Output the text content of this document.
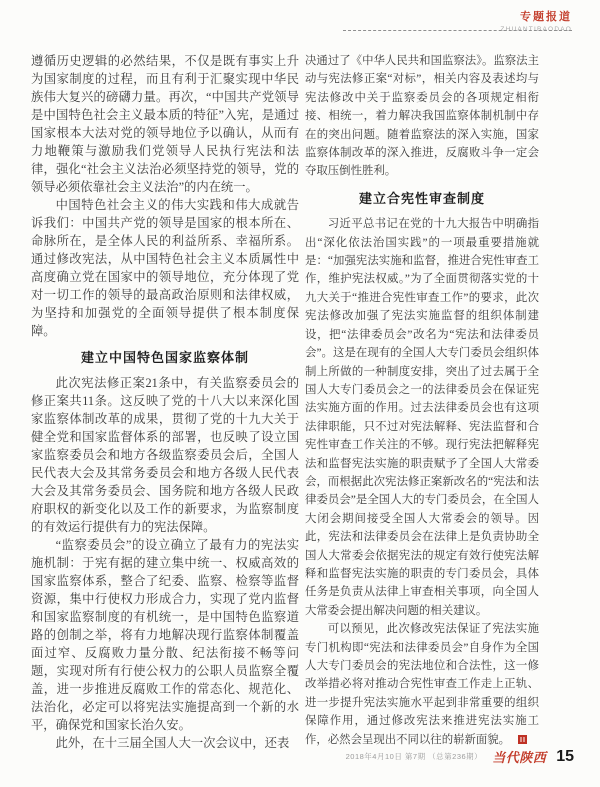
专题报道
ZHUANTIBAODAO

遵循历史逻辑的必然结果，不仅是既有事实上升为国家制度的过程，而且有利于汇聚实现中华民族伟大复兴的磅礴力量。再次，“中国共产党领导是中国特色社会主义最本质的特征”入宪，是通过国家根本大法对党的领导地位予以确认，从而有力地鞭策与激励我们党领导人民执行宪法和法律，强化“社会主义法治必须坚持党的领导，党的领导必须依靠社会主义法治”的内在统一。

中国特色社会主义的伟大实践和伟大成就告诉我们：中国共产党的领导是国家的根本所在、命脉所在，是全体人民的利益所系、幸福所系。通过修改宪法，从中国特色社会主义本质属性中高度确立党在国家中的领导地位，充分体现了党对一切工作的领导的最高政治原则和法律权威，为坚持和加强党的全面领导提供了根本制度保障。

建立中国特色国家监察体制

此次宪法修正案21条中，有关监察委员会的修正案共11条。这反映了党的十八大以来深化国家监察体制改革的成果，贯彻了党的十九大关于健全党和国家监督体系的部署，也反映了设立国家监察委员会和地方各级监察委员会后，全国人民代表大会及其常务委员会和地方各级人民代表大会及其常务委员会、国务院和地方各级人民政府职权的新变化以及工作的新要求，为监察制度的有效运行提供有力的宪法保障。

“监察委员会”的设立确立了最有力的宪法实施机制：于宪有据的建立集中统一、权威高效的国家监察体系，整合了纪委、监察、检察等监督资源，集中行使权力形成合力，实现了党内监督和国家监察制度的有机统一，是中国特色监察道路的创制之举，将有力地解决现行监察体制覆盖面过窄、反腐败力量分散、纪法衔接不畅等问题，实现对所有行使公权力的公职人员监察全覆盖，进一步推进反腐败工作的常态化、规范化、法治化，必定可以将宪法实施提高到一个新的水平，确保党和国家长治久安。

此外，在十三届全国人大一次会议中，还表

决通过了《中华人民共和国监察法》。监察法主动与宪法修正案“对标”，相关内容及表述均与宪法修改中关于监察委员会的各项规定相衔接、相统一，着力解决我国监察体制机制中存在的突出问题。随着监察法的深入实施，国家监察体制改革的深入推进，反腐败斗争一定会夺取压倒性胜利。

建立合宪性审查制度

习近平总书记在党的十九大报告中明确指出“深化依法治国实践”的一项最重要措施就是：“加强宪法实施和监督，推进合宪性审查工作，维护宪法权威。”为了全面贯彻落实党的十九大关于“推进合宪性审查工作”的要求，此次宪法修改加强了宪法实施监督的组织体制建设，把“法律委员会”改名为“宪法和法律委员会”。这是在现有的全国人大专门委员会组织体制上所做的一种制度安排，突出了过去属于全国人大专门委员会之一的法律委员会在保证宪法实施方面的作用。过去法律委员会也有这项法律职能，只不过对宪法解释、宪法监督和合宪性审查工作关注的不够。现行宪法把解释宪法和监督宪法实施的职责赋予了全国人大常委会，而根据此次宪法修正案新改名的“宪法和法律委员会”是全国人大的专门委员会，在全国人大闭会期间接受全国人大常委会的领导。因此，宪法和法律委员会在法律上是负责协助全国人大常委会依据宪法的规定有效行使宪法解释和监督宪法实施的职责的专门委员会，具体任务是负责从法律上审查相关事项，向全国人大常委会提出解决问题的相关建议。

可以预见，此次修改宪法保证了宪法实施专门机构即“宪法和法律委员会”自身作为全国人大专门委员会的宪法地位和合法性，这一修改举措必将对推动合宪性审查工作走上正轨、进一步提升宪法实施水平起到非常重要的组织保障作用，通过修改宪法来推进宪法实施工作，必然会呈现出不同以往的崭新面貌。

2018年4月10日 第7期 （总第236期） 当代陕西 15
